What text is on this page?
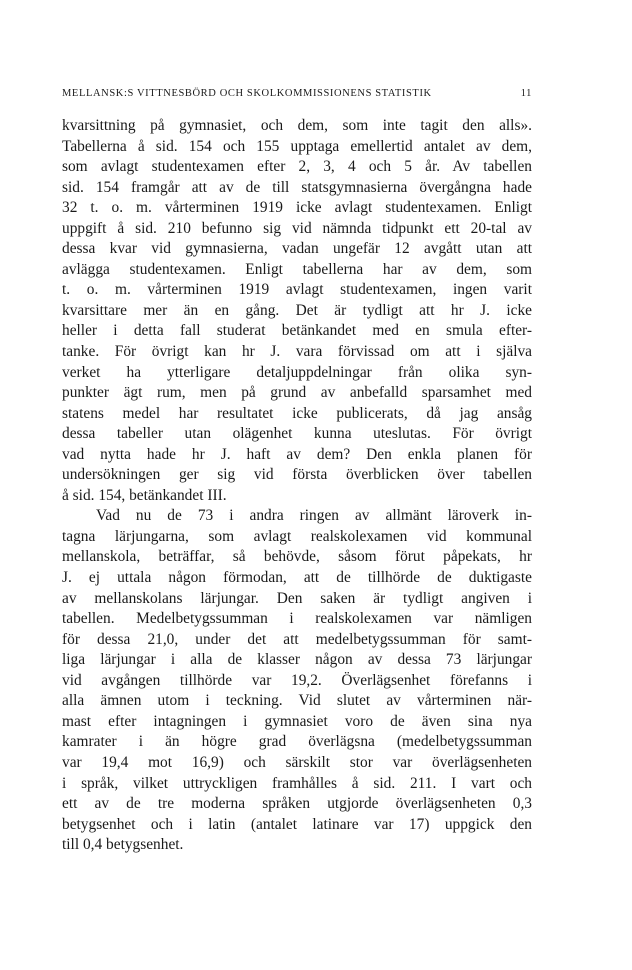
MELLANSK:S VITTNESBÖRD OCH SKOLKOMMISSIONENS STATISTIK	11
kvarsittning på gymnasiet, och dem, som inte tagit den alls».
Tabellerna å sid. 154 och 155 upptaga emellertid antalet av dem,
som avlagt studentexamen efter 2, 3, 4 och 5 år. Av tabellen
sid. 154 framgår att av de till statsgymnasierna övergångna hade
32 t. o. m. vårterminen 1919 icke avlagt studentexamen. Enligt
uppgift å sid. 210 befunno sig vid nämnda tidpunkt ett 20-tal av
dessa kvar vid gymnasierna, vadan ungefär 12 avgått utan att
avlägga studentexamen. Enligt tabellerna har av dem, som
t. o. m. vårterminen 1919 avlagt studentexamen, ingen varit
kvarsittare mer än en gång. Det är tydligt att hr J. icke
heller i detta fall studerat betänkandet med en smula efter-
tanke. För övrigt kan hr J. vara förvissad om att i själva
verket ha ytterligare detaljuppdelningar från olika syn-
punkter ägt rum, men på grund av anbefalld sparsamhet med
statens medel har resultatet icke publicerats, då jag ansåg
dessa tabeller utan olägenhet kunna uteslutas. För övrigt
vad nytta hade hr J. haft av dem? Den enkla planen för
undersökningen ger sig vid första överblicken över tabellen
å sid. 154, betänkandet III.
Vad nu de 73 i andra ringen av allmänt läroverk in-
tagna lärjungarna, som avlagt realskolexamen vid kommunal
mellanskola, beträffar, så behövde, såsom förut påpekats, hr
J. ej uttala någon förmodan, att de tillhörde de duktigaste
av mellanskolans lärjungar. Den saken är tydligt angiven i
tabellen. Medelbetygssumman i realskolexamen var nämligen
för dessa 21,0, under det att medelbetygssumman för samt-
liga lärjungar i alla de klasser någon av dessa 73 lärjungar
vid avgången tillhörde var 19,2. Överlägsenhet förefanns i
alla ämnen utom i teckning. Vid slutet av vårterminen när-
mast efter intagningen i gymnasiet voro de även sina nya
kamrater i än högre grad överlägsna (medelbetygssumman
var 19,4 mot 16,9) och särskilt stor var överlägsenheten
i språk, vilket uttryckligen framhålles å sid. 211. I vart och
ett av de tre moderna språken utgjorde överlägsenheten 0,3
betygsenhet och i latin (antalet latinare var 17) uppgick den
till 0,4 betygsenhet.
